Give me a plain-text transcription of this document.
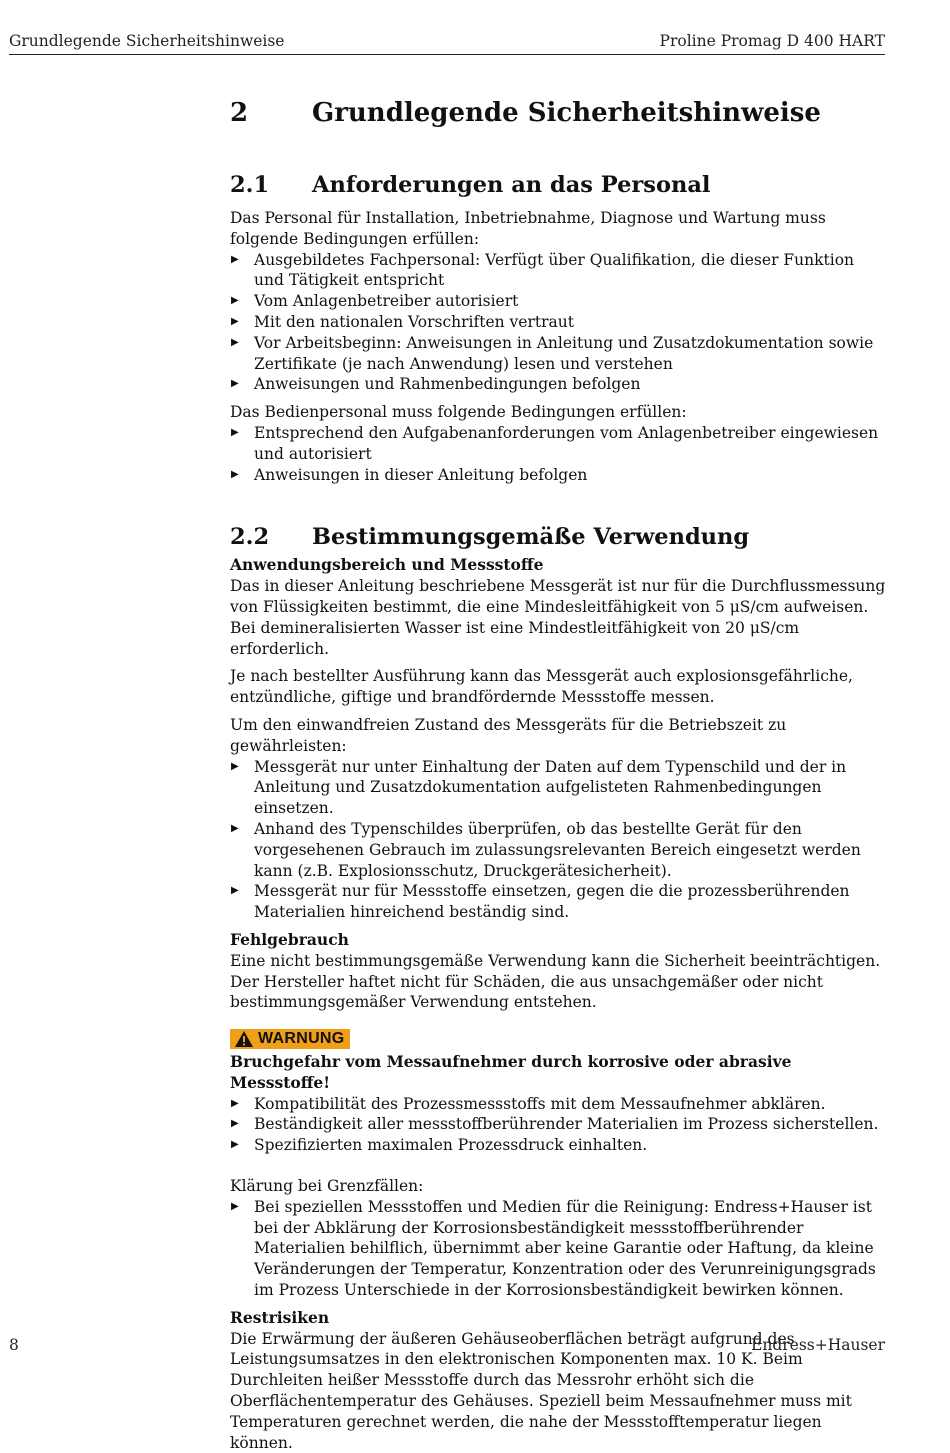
Grundlegende Sicherheitshinweise	Proline Promag D 400 HART
2	Grundlegende Sicherheitshinweise
2.1	Anforderungen an das Personal

Das Personal für Installation, Inbetriebnahme, Diagnose und Wartung muss folgende Bedingungen erfüllen:

▶ Ausgebildetes Fachpersonal: Verfügt über Qualifikation, die dieser Funktion und Tätigkeit entspricht
▶ Vom Anlagenbetreiber autorisiert
▶ Mit den nationalen Vorschriften vertraut
▶ Vor Arbeitsbeginn: Anweisungen in Anleitung und Zusatzdokumentation sowie Zertifikate (je nach Anwendung) lesen und verstehen
▶ Anweisungen und Rahmenbedingungen befolgen

Das Bedienpersonal muss folgende Bedingungen erfüllen:

▶ Entsprechend den Aufgabenanforderungen vom Anlagenbetreiber eingewiesen und autorisiert
▶ Anweisungen in dieser Anleitung befolgen
2.2	Bestimmungsgemäße Verwendung

Anwendungsbereich und Messstoffe

Das in dieser Anleitung beschriebene Messgerät ist nur für die Durchflussmessung von Flüssigkeiten bestimmt, die eine Mindesleitfähigkeit von 5 μS/cm aufweisen. Bei demineralisierten Wasser ist eine Mindestleitfähigkeit von 20 μS/cm erforderlich.

Je nach bestellter Ausführung kann das Messgerät auch explosionsgefährliche, entzündliche, giftige und brandfördernde Messstoffe messen.

Um den einwandfreien Zustand des Messgeräts für die Betriebszeit zu gewährleisten:

▶ Messgerät nur unter Einhaltung der Daten auf dem Typenschild und der in Anleitung und Zusatzdokumentation aufgelisteten Rahmenbedingungen einsetzen.
▶ Anhand des Typenschildes überprüfen, ob das bestellte Gerät für den vorgesehenen Gebrauch im zulassungsrelevanten Bereich eingesetzt werden kann (z.B. Explosionsschutz, Druckgerätesicherheit).
▶ Messgerät nur für Messstoffe einsetzen, gegen die die prozessberührenden Materialien hinreichend beständig sind.

Fehlgebrauch

Eine nicht bestimmungsgemäße Verwendung kann die Sicherheit beeinträchtigen. Der Hersteller haftet nicht für Schäden, die aus unsachgemäßer oder nicht bestimmungsgemäßer Verwendung entstehen.

WARNUNG

Bruchgefahr vom Messaufnehmer durch korrosive oder abrasive Messstoffe!

▶ Kompatibilität des Prozessmessstoffs mit dem Messaufnehmer abklären.
▶ Beständigkeit aller messstoffberührender Materialien im Prozess sicherstellen.
▶ Spezifizierten maximalen Prozessdruck einhalten.

Klärung bei Grenzfällen:

▶ Bei speziellen Messstoffen und Medien für die Reinigung: Endress+Hauser ist bei der Abklärung der Korrosionsbeständigkeit messstoffberührender Materialien behilflich, übernimmt aber keine Garantie oder Haftung, da kleine Veränderungen der Temperatur, Konzentration oder des Verunreinigungsgrads im Prozess Unterschiede in der Korrosionsbeständigkeit bewirken können.

Restrisiken

Die Erwärmung der äußeren Gehäuseoberflächen beträgt aufgrund des Leistungsumsatzes in den elektronischen Komponenten max. 10 K. Beim Durchleiten heißer Messstoffe durch das Messrohr erhöht sich die Oberflächentemperatur des Gehäuses. Speziell beim Messaufnehmer muss mit Temperaturen gerechnet werden, die nahe der Messstofftemperatur liegen können.

8	Endress+Hauser
